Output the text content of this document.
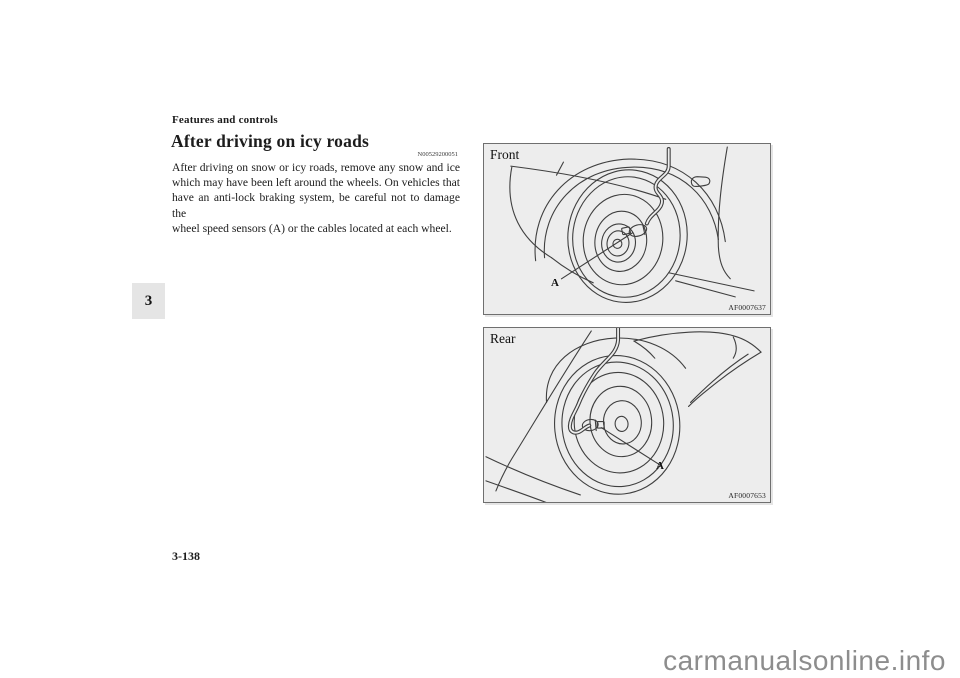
Features and controls
After driving on icy roads
N00529200051
After driving on snow or icy roads, remove any snow and ice
which may have been left around the wheels. On vehicles that
have an anti-lock braking system, be careful not to damage the
wheel speed sensors (A) or the cables located at each wheel.
3
Front
A
AF0007637
Rear
A
AF0007653
3-138
carmanualsonline.info
